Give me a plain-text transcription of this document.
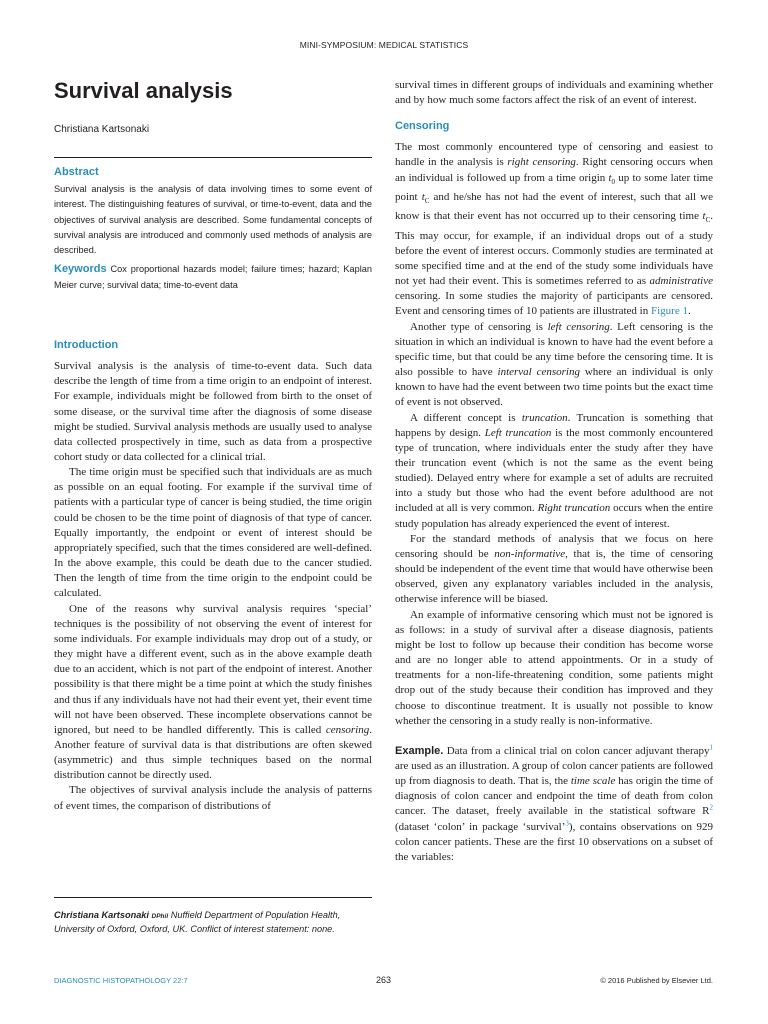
MINI-SYMPOSIUM: MEDICAL STATISTICS
Survival analysis
Christiana Kartsonaki
Abstract

Survival analysis is the analysis of data involving times to some event of interest. The distinguishing features of survival, or time-to-event, data and the objectives of survival analysis are described. Some fundamental concepts of survival analysis are introduced and commonly used methods of analysis are described.

Keywords Cox proportional hazards model; failure times; hazard; Kaplan Meier curve; survival data; time-to-event data
Introduction

Survival analysis is the analysis of time-to-event data. Such data describe the length of time from a time origin to an endpoint of interest. For example, individuals might be followed from birth to the onset of some disease, or the survival time after the diagnosis of some disease might be studied. Survival analysis methods are usually used to analyse data collected prospectively in time, such as data from a prospective cohort study or data collected for a clinical trial.

The time origin must be specified such that individuals are as much as possible on an equal footing. For example if the survival time of patients with a particular type of cancer is being studied, the time origin could be chosen to be the time point of diagnosis of that type of cancer. Equally importantly, the endpoint or event of interest should be appropriately specified, such that the times considered are well-defined. In the above example, this could be death due to the cancer studied. Then the length of time from the time origin to the endpoint could be calculated.

One of the reasons why survival analysis requires ‘special’ techniques is the possibility of not observing the event of interest for some individuals. For example individuals may drop out of a study, or they might have a different event, such as in the above example death due to an accident, which is not part of the endpoint of interest. Another possibility is that there might be a time point at which the study finishes and thus if any individuals have not had their event yet, their event time will not have been observed. These incomplete observations cannot be ignored, but need to be handled differently. This is called censoring. Another feature of survival data is that distributions are often skewed (asymmetric) and thus simple techniques based on the normal distribution cannot be directly used.

The objectives of survival analysis include the analysis of patterns of event times, the comparison of distributions of

survival times in different groups of individuals and examining whether and by how much some factors affect the risk of an event of interest.

Censoring

The most commonly encountered type of censoring and easiest to handle in the analysis is right censoring. Right censoring occurs when an individual is followed up from a time origin $t_0$ up to some later time point $t_C$ and he/she has not had the event of interest, such that all we know is that their event has not occurred up to their censoring time $t_C$. This may occur, for example, if an individual drops out of a study before the event of interest occurs. Commonly studies are terminated at some specified time and at the end of the study some individuals have not yet had their event. This is sometimes referred to as administrative censoring. In some studies the majority of participants are censored. Event and censoring times of 10 patients are illustrated in Figure 1.

Another type of censoring is left censoring. Left censoring is the situation in which an individual is known to have had the event before a specific time, but that could be any time before the censoring time. It is also possible to have interval censoring where an individual is only known to have had the event between two time points but the exact time of event is not observed.

A different concept is truncation. Truncation is something that happens by design. Left truncation is the most commonly encountered type of truncation, where individuals enter the study after they have their truncation event (which is not the same as the event being studied). Delayed entry where for example a set of adults are recruited into a study but those who had the event before adulthood are not included at all is very common. Right truncation occurs when the entire study population has already experienced the event of interest.

For the standard methods of analysis that we focus on here censoring should be non-informative, that is, the time of censoring should be independent of the event time that would have otherwise been observed, given any explanatory variables included in the analysis, otherwise inference will be biased.

An example of informative censoring which must not be ignored is as follows: in a study of survival after a disease diagnosis, patients might be lost to follow up because their condition has become worse and are no longer able to attend appointments. Or in a study of treatments for a non-life-threatening condition, some patients might drop out of the study because their condition has improved and they choose to discontinue treatment. It is usually not possible to know whether the censoring in a study really is non-informative.

Example. Data from a clinical trial on colon cancer adjuvant therapy$^1$ are used as an illustration. A group of colon cancer patients are followed up from diagnosis to death. That is, the time scale has origin the time of diagnosis of colon cancer and endpoint the time of death from colon cancer. The dataset, freely available in the statistical software $R^2$ (dataset ‘colon’ in package ‘survival’$^3$), contains observations on 929 colon cancer patients. These are the first 10 observations on a subset of the variables:

Christiana Kartsonaki DPhil Nuffield Department of Population Health, University of Oxford, Oxford, UK. Conflict of interest statement: none.
DIAGNOSTIC HISTOPATHOLOGY 22:7	263	© 2016 Published by Elsevier Ltd.
